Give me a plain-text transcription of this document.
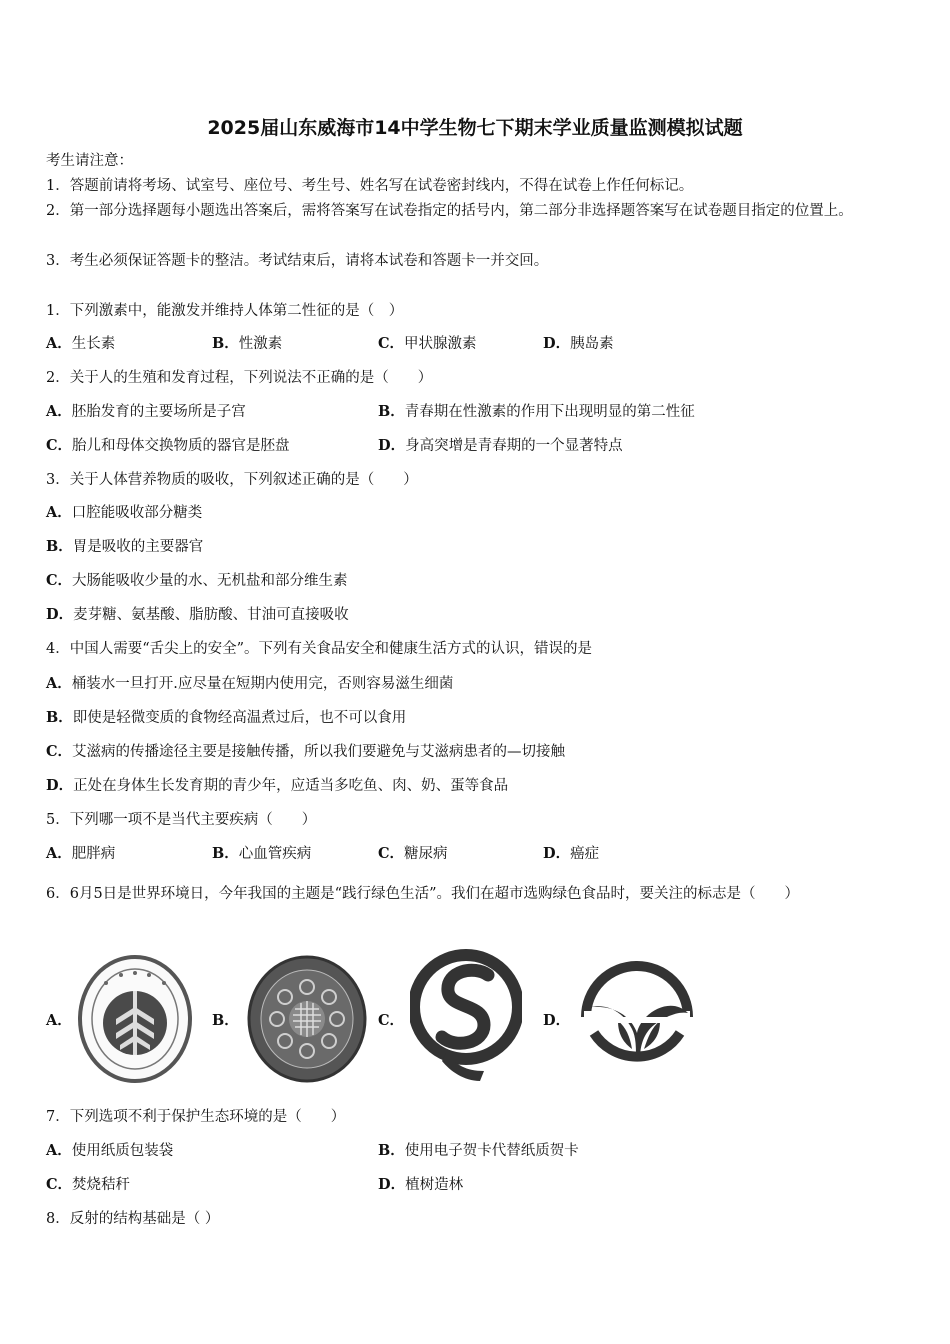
2025届山东威海市14中学生物七下期末学业质量监测模拟试题
考生请注意：
1．答题前请将考场、试室号、座位号、考生号、姓名写在试卷密封线内，不得在试卷上作任何标记。
2．第一部分选择题每小题选出答案后，需将答案写在试卷指定的括号内，第二部分非选择题答案写在试卷题目指定的位置上。
3．考生必须保证答题卡的整洁。考试结束后，请将本试卷和答题卡一并交回。
1．下列激素中，能激发并维持人体第二性征的是（　）
A．生长素	B．性激素	C．甲状腺激素	D．胰岛素
2．关于人的生殖和发育过程，下列说法不正确的是（　　）
A．胚胎发育的主要场所是子宫	B．青春期在性激素的作用下出现明显的第二性征
C．胎儿和母体交换物质的器官是胚盘	D．身高突增是青春期的一个显著特点
3．关于人体营养物质的吸收，下列叙述正确的是（　　）
A．口腔能吸收部分糖类
B．胃是吸收的主要器官
C．大肠能吸收少量的水、无机盐和部分维生素
D．麦芽糖、氨基酸、脂肪酸、甘油可直接吸收
4．中国人需要“舌尖上的安全”。下列有关食品安全和健康生活方式的认识，错误的是
A．桶装水一旦打开.应尽量在短期内使用完，否则容易滋生细菌
B．即使是轻微变质的食物经高温煮过后，也不可以食用
C．艾滋病的传播途径主要是接触传播，所以我们要避免与艾滋病患者的—切接触
D．正处在身体生长发育期的青少年，应适当多吃鱼、肉、奶、蛋等食品
5．下列哪一项不是当代主要疾病（　　）
A．肥胖病	B．心血管疾病	C．糖尿病	D．癌症
6．6月5日是世界环境日，今年我国的主题是“践行绿色生活”。我们在超市选购绿色食品时，要关注的标志是（　　）
A．	B．	C．	D．
7．下列选项不利于保护生态环境的是（　　）
A．使用纸质包装袋	B．使用电子贺卡代替纸质贺卡
C．焚烧秸秆	D．植树造林
8．反射的结构基础是（ ）
